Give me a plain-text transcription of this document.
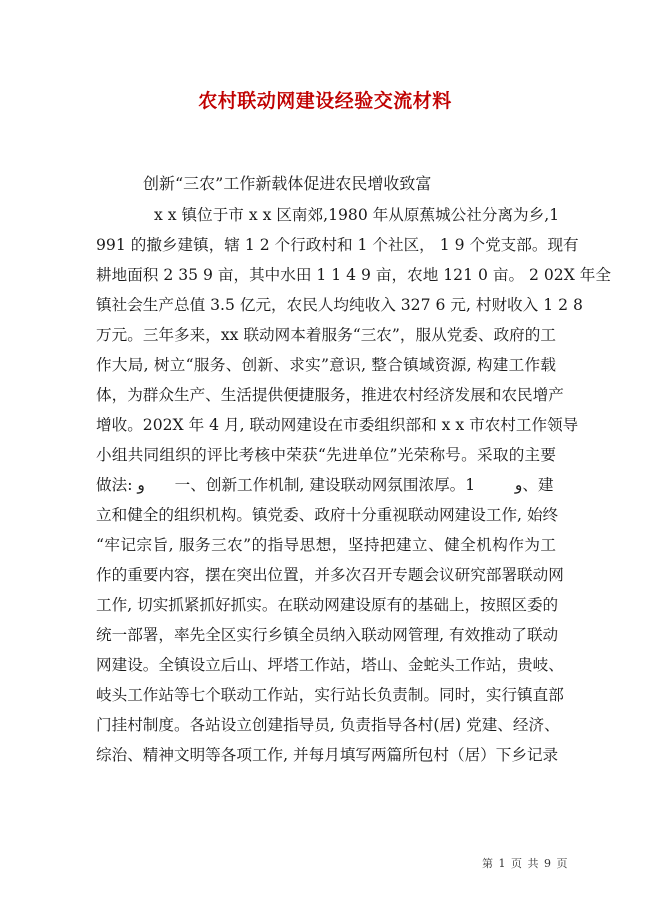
农村联动网建设经验交流材料
创新“三农”工作新载体促进农民增收致富
x x 镇位于市 x x 区南郊,1980 年从原蕉城公社分离为乡,1
991 的撤乡建镇，辖 1 2 个行政村和 1 个社区， 1 9 个党支部。现有
耕地面积 2 35 9 亩，其中水田 1 1 4 9 亩，农地 121 0 亩。 2 02X 年全
镇社会生产总值 3.5 亿元，农民人均纯收入 327 6 元, 村财收入 1 2 8
万元。三年多来，xx 联动网本着服务“三农”，服从党委、政府的工
作大局, 树立“服务、创新、求实”意识, 整合镇域资源, 构建工作载
体，为群众生产、生活提供便捷服务，推进农村经济发展和农民增产
增收。202X 年 4 月, 联动网建设在市委组织部和 x x 市农村工作领导
小组共同组织的评比考核中荣获“先进单位”光荣称号。采取的主要
做法: ﻭ      一、创新工作机制, 建设联动网氛围浓厚。1        ﻭ、建
立和健全的组织机构。镇党委、政府十分重视联动网建设工作, 始终
“牢记宗旨, 服务三农”的指导思想，坚持把建立、健全机构作为工
作的重要内容，摆在突出位置，并多次召开专题会议研究部署联动网
工作, 切实抓紧抓好抓实。在联动网建设原有的基础上，按照区委的
统一部署，率先全区实行乡镇全员纳入联动网管理, 有效推动了联动
网建设。全镇设立后山、坪塔工作站，塔山、金蛇头工作站，贵岐、
岐头工作站等七个联动工作站，实行站长负责制。同时，实行镇直部
门挂村制度。各站设立创建指导员, 负责指导各村(居) 党建、经济、
综治、精神文明等各项工作, 并每月填写两篇所包村（居）下乡记录
第 1 页 共 9 页
